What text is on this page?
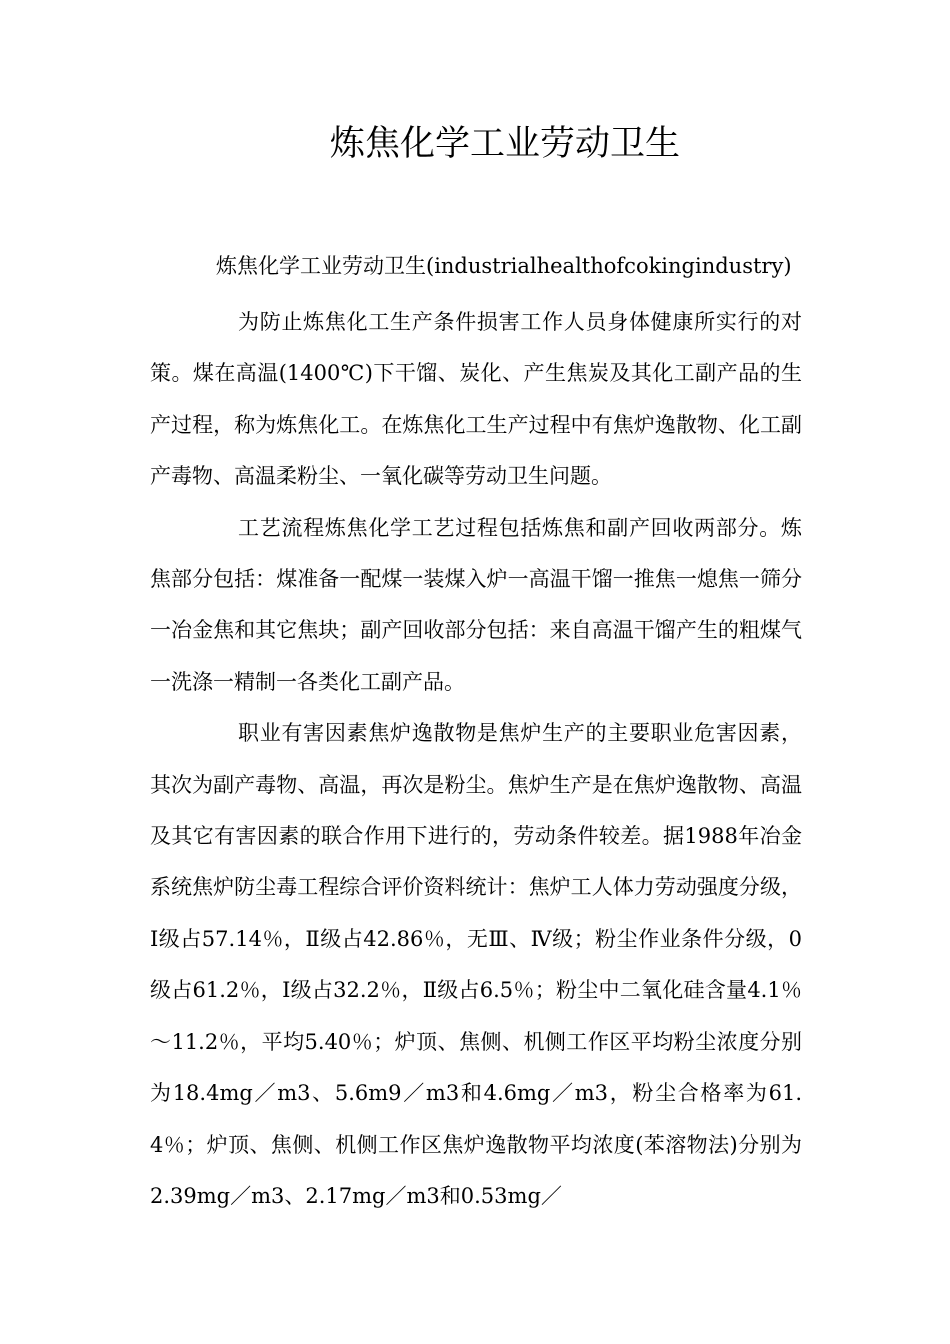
炼焦化学工业劳动卫生
炼焦化学工业劳动卫生(industrialhealthofcokingindustry)

为防止炼焦化工生产条件损害工作人员身体健康所实行的对策。煤在高温(1400℃)下干馏、炭化、产生焦炭及其化工副产品的生产过程，称为炼焦化工。在炼焦化工生产过程中有焦炉逸散物、化工副产毒物、高温柔粉尘、一氧化碳等劳动卫生问题。

工艺流程炼焦化学工艺过程包括炼焦和副产回收两部分。炼焦部分包括：煤准备一配煤一装煤入炉一高温干馏一推焦一熄焦一筛分一冶金焦和其它焦块；副产回收部分包括：来自高温干馏产生的粗煤气一洗涤一精制一各类化工副产品。

职业有害因素焦炉逸散物是焦炉生产的主要职业危害因素，其次为副产毒物、高温，再次是粉尘。焦炉生产是在焦炉逸散物、高温及其它有害因素的联合作用下进行的，劳动条件较差。据1988年冶金系统焦炉防尘毒工程综合评价资料统计：焦炉工人体力劳动强度分级，Ⅰ级占57.14％，Ⅱ级占42.86％，无Ⅲ、Ⅳ级；粉尘作业条件分级，0级占61.2％，Ⅰ级占32.2％，Ⅱ级占6.5％；粉尘中二氧化硅含量4.1％～11.2％，平均5.40％；炉顶、焦侧、机侧工作区平均粉尘浓度分别为18.4mg／m3、5.6m9／m3和4.6mg／m3，粉尘合格率为61.4％；炉顶、焦侧、机侧工作区焦炉逸散物平均浓度(苯溶物法)分别为2.39mg／m3、2.17mg／m3和0.53mg／
